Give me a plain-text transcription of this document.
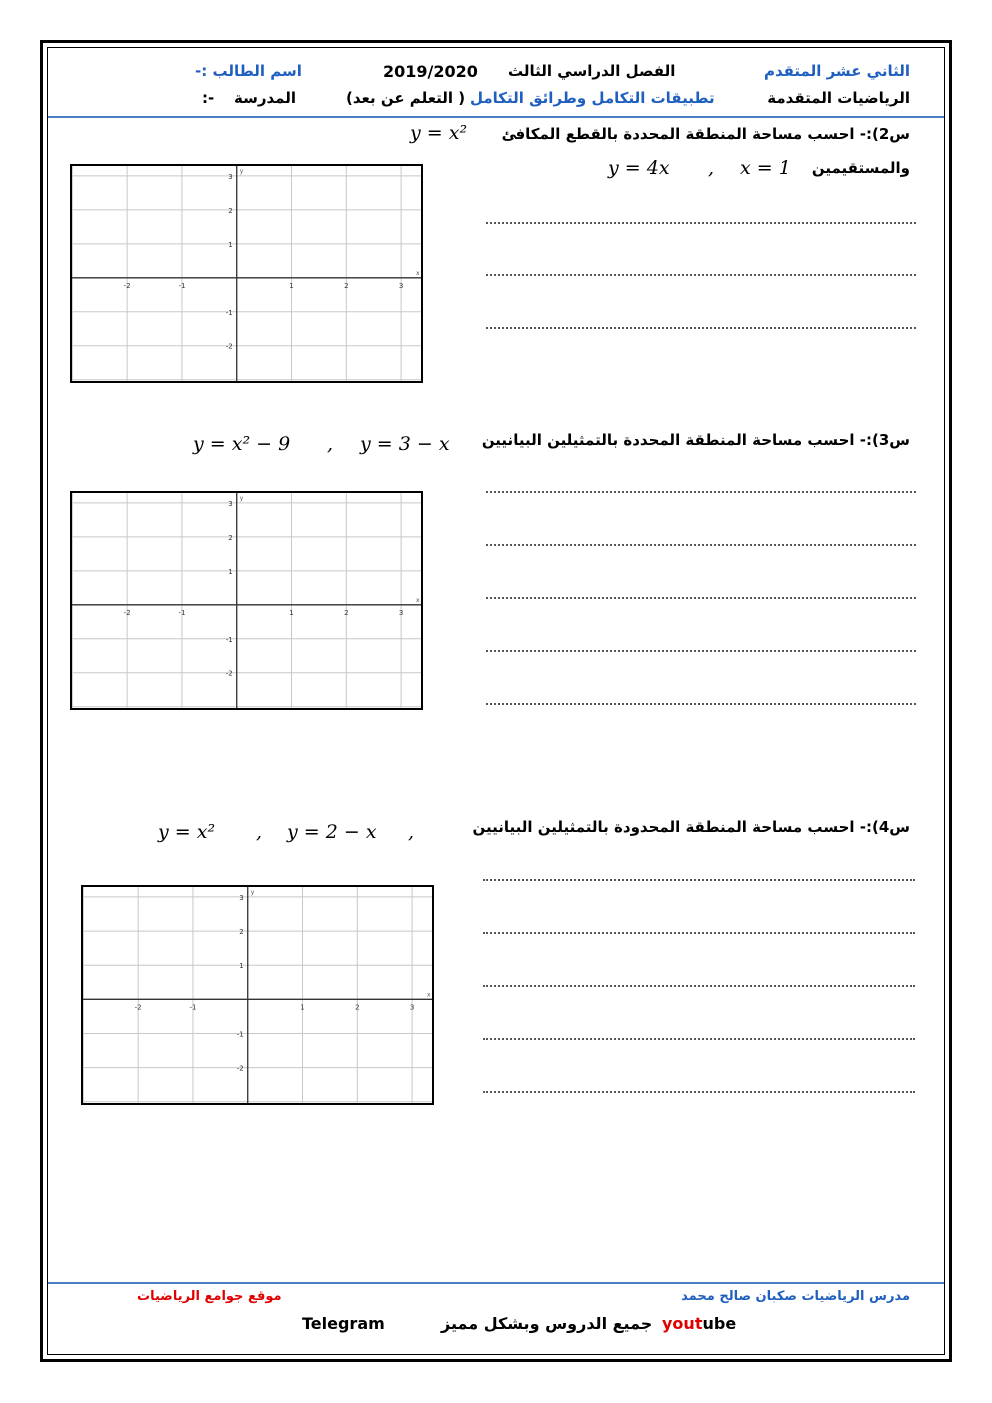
الثاني عشر المتقدم
الرياضيات المتقدمة
الفصل الدراسي الثالث
2019/2020
تطبيقات التكامل وطرائق التكامل
( التعلم عن بعد)
اسم الطالب :-
المدرسة
:-
س2):- احسب مساحة المنطقة المحددة بالقطع المكافئ
y = x²
والمستقيمين
x = 1
,
y = 4x
-2	-1	1	2	3
3
2
1
-1
-2
x
y
س3):- احسب مساحة المنطقة المحددة بالتمثيلين البيانيين
y = 3 − x
,
y = x² − 9
-2	-1	1	2	3
3
2
1
-1
-2
x
y
س4):- احسب مساحة المنطقة المحدودة بالتمثيلين البيانيين
,
y = 2 − x
,
y = x²
-2	-1	1	2	3
3
2
1
-1
-2
x
y
مدرس الرياضيات صكبان صالح محمد
موقع جوامع الرياضيات
youtube
جميع الدروس وبشكل مميز
Telegram
